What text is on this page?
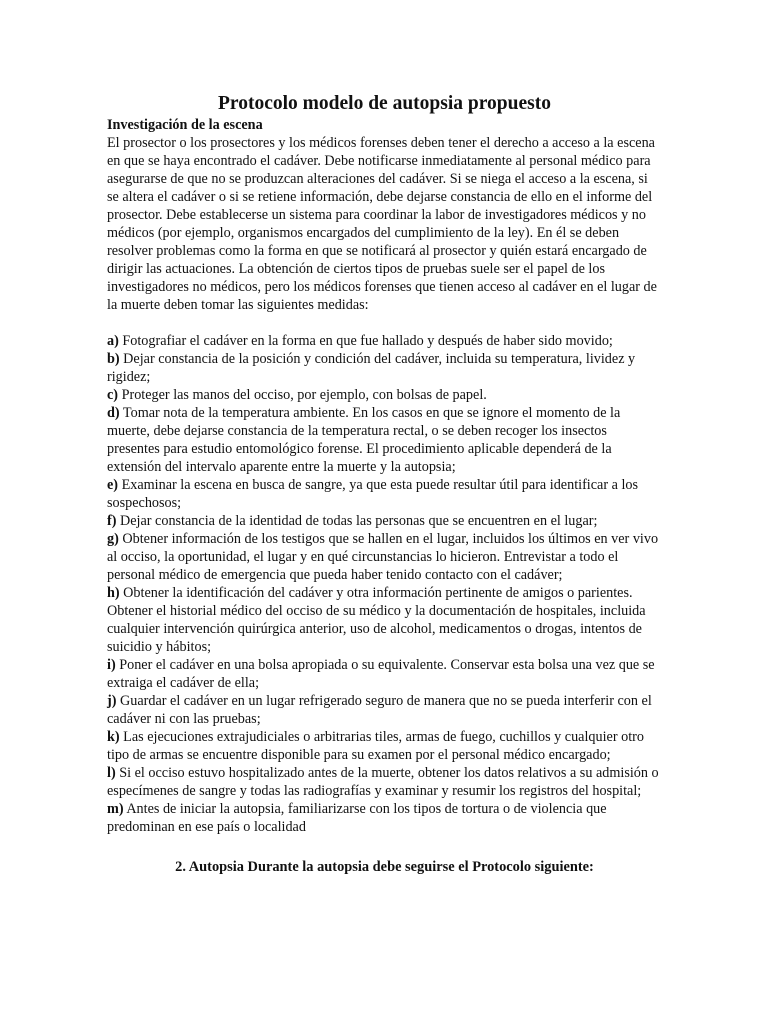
Protocolo modelo de autopsia propuesto
Investigación de la escena

El prosector o los prosectores y los médicos forenses deben tener el derecho a acceso a la escena en que se haya encontrado el cadáver. Debe notificarse inmediatamente al personal médico para asegurarse de que no se produzcan alteraciones del cadáver. Si se niega el acceso a la escena, si se altera el cadáver o si se retiene información, debe dejarse constancia de ello en el informe del prosector. Debe establecerse un sistema para coordinar la labor de investigadores médicos y no médicos (por ejemplo, organismos encargados del cumplimiento de la ley). En él se deben resolver problemas como la forma en que se notificará al prosector y quién estará encargado de dirigir las actuaciones. La obtención de ciertos tipos de pruebas suele ser el papel de los investigadores no médicos, pero los médicos forenses que tienen acceso al cadáver en el lugar de la muerte deben tomar las siguientes medidas:

a) Fotografiar el cadáver en la forma en que fue hallado y después de haber sido movido;
b) Dejar constancia de la posición y condición del cadáver, incluida su temperatura, lividez y rigidez;
c) Proteger las manos del occiso, por ejemplo, con bolsas de papel.
d) Tomar nota de la temperatura ambiente. En los casos en que se ignore el momento de la muerte, debe dejarse constancia de la temperatura rectal, o se deben recoger los insectos presentes para estudio entomológico forense. El procedimiento aplicable dependerá de la extensión del intervalo aparente entre la muerte y la autopsia;
e) Examinar la escena en busca de sangre, ya que esta puede resultar útil para identificar a los sospechosos;
f) Dejar constancia de la identidad de todas las personas que se encuentren en el lugar;
g) Obtener información de los testigos que se hallen en el lugar, incluidos los últimos en ver vivo al occiso, la oportunidad, el lugar y en qué circunstancias lo hicieron. Entrevistar a todo el personal médico de emergencia que pueda haber tenido contacto con el cadáver;
h) Obtener la identificación del cadáver y otra información pertinente de amigos o parientes. Obtener el historial médico del occiso de su médico y la documentación de hospitales, incluida cualquier intervención quirúrgica anterior, uso de alcohol, medicamentos o drogas, intentos de suicidio y hábitos;
i) Poner el cadáver en una bolsa apropiada o su equivalente. Conservar esta bolsa una vez que se extraiga el cadáver de ella;
j) Guardar el cadáver en un lugar refrigerado seguro de manera que no se pueda interferir con el cadáver ni con las pruebas;
k) Las ejecuciones extrajudiciales o arbitrarias tiles, armas de fuego, cuchillos y cualquier otro tipo de armas se encuentre disponible para su examen por el personal médico encargado;
l) Si el occiso estuvo hospitalizado antes de la muerte, obtener los datos relativos a su admisión o especímenes de sangre y todas las radiografías y examinar y resumir los registros del hospital;
m) Antes de iniciar la autopsia, familiarizarse con los tipos de tortura o de violencia que predominan en ese país o localidad
2. Autopsia Durante la autopsia debe seguirse el Protocolo siguiente:
